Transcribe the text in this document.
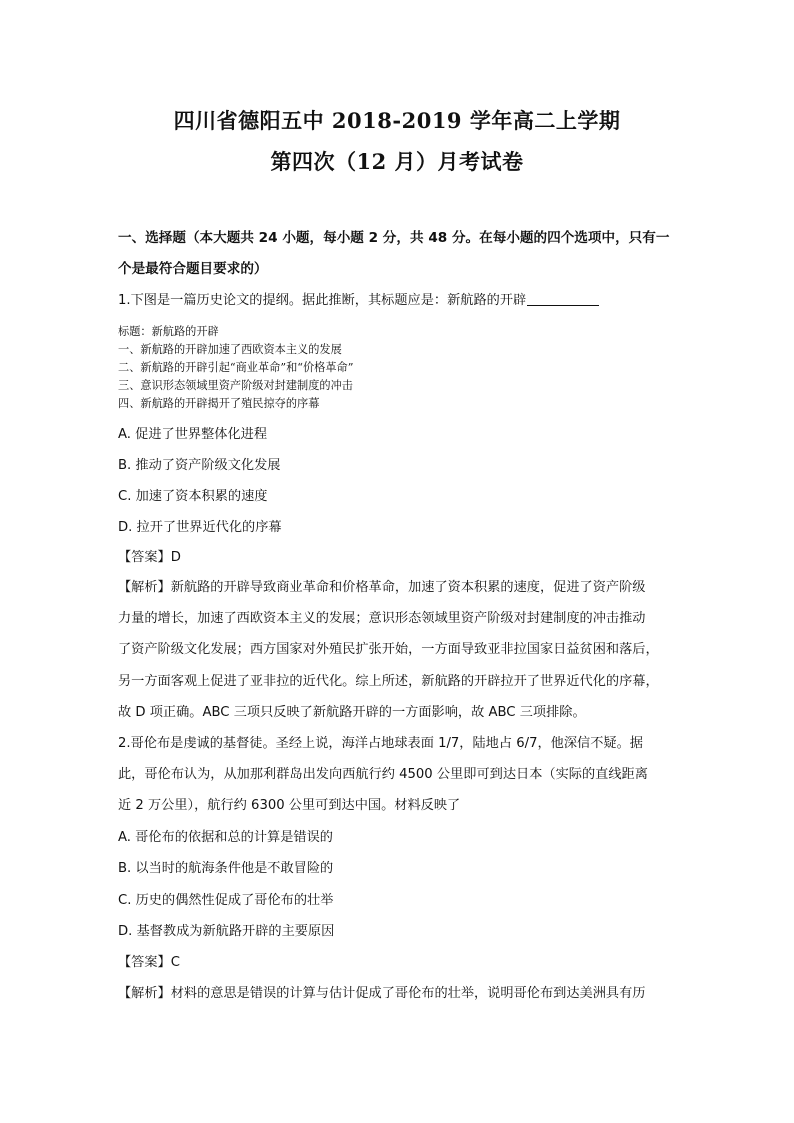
四川省德阳五中 2018-2019 学年高二上学期
第四次（12 月）月考试卷
一、选择题（本大题共 24 小题，每小题 2 分，共 48 分。在每小题的四个选项中，只有一
个是最符合题目要求的）
1.下图是一篇历史论文的提纲。据此推断，其标题应是：新航路的开辟
标题：新航路的开辟
一、新航路的开辟加速了西欧资本主义的发展
二、新航路的开辟引起“商业革命”和“价格革命”
三、意识形态领域里资产阶级对封建制度的冲击
四、新航路的开辟揭开了殖民掠夺的序幕
A. 促进了世界整体化进程
B. 推动了资产阶级文化发展
C. 加速了资本积累的速度
D. 拉开了世界近代化的序幕
【答案】D
【解析】新航路的开辟导致商业革命和价格革命，加速了资本积累的速度，促进了资产阶级
力量的增长，加速了西欧资本主义的发展；意识形态领域里资产阶级对封建制度的冲击推动
了资产阶级文化发展；西方国家对外殖民扩张开始，一方面导致亚非拉国家日益贫困和落后，
另一方面客观上促进了亚非拉的近代化。综上所述，新航路的开辟拉开了世界近代化的序幕，
故 D 项正确。ABC 三项只反映了新航路开辟的一方面影响，故 ABC 三项排除。
2.哥伦布是虔诚的基督徒。圣经上说，海洋占地球表面 1/7，陆地占 6/7，他深信不疑。据
此，哥伦布认为，从加那利群岛出发向西航行约 4500 公里即可到达日本（实际的直线距离
近 2 万公里），航行约 6300 公里可到达中国。材料反映了
A. 哥伦布的依据和总的计算是错误的
B. 以当时的航海条件他是不敢冒险的
C. 历史的偶然性促成了哥伦布的壮举
D. 基督教成为新航路开辟的主要原因
【答案】C
【解析】材料的意思是错误的计算与估计促成了哥伦布的壮举，说明哥伦布到达美洲具有历
